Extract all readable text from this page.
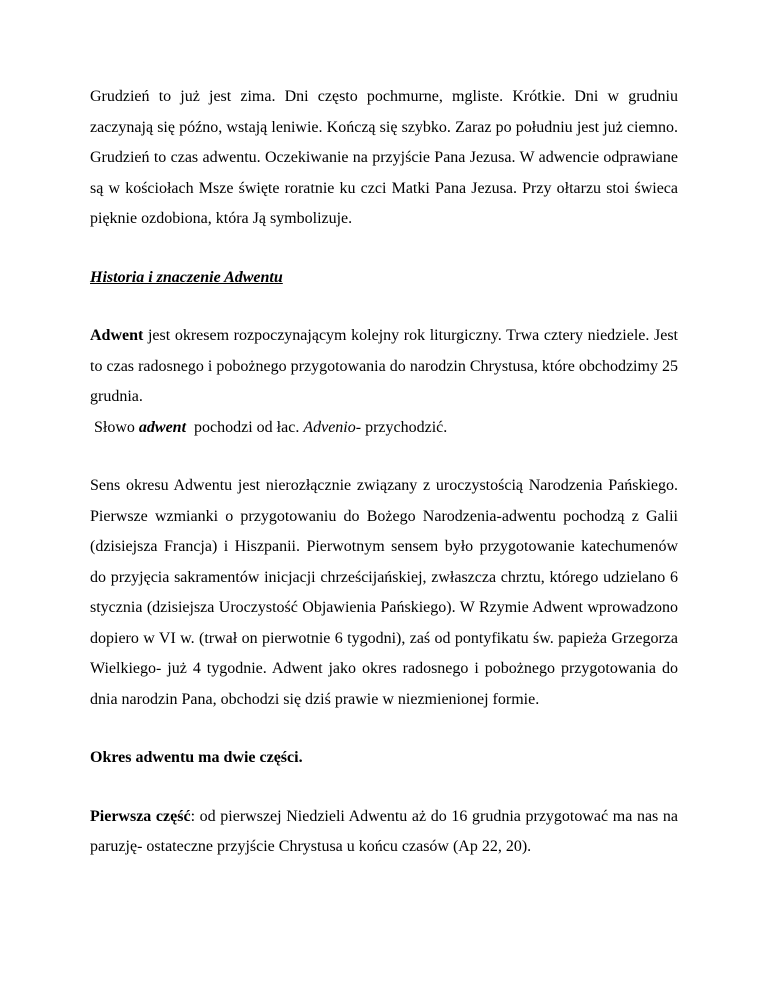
Grudzień to już jest zima. Dni często pochmurne, mgliste. Krótkie. Dni w grudniu zaczynają się późno, wstają leniwie. Kończą się szybko. Zaraz po południu jest już ciemno. Grudzień to czas adwentu. Oczekiwanie na przyjście Pana Jezusa. W adwencie odprawiane są w kościołach Msze święte roratnie ku czci Matki Pana Jezusa. Przy ołtarzu stoi świeca pięknie ozdobiona, która Ją symbolizuje.

Historia i znaczenie Adwentu

Adwent jest okresem rozpoczynającym kolejny rok liturgiczny. Trwa cztery niedziele. Jest to czas radosnego i pobożnego przygotowania do narodzin Chrystusa, które obchodzimy 25 grudnia.

Słowo adwent  pochodzi od łac. Advenio- przychodzić.

Sens okresu Adwentu jest nierozłącznie związany z uroczystością Narodzenia Pańskiego. Pierwsze wzmianki o przygotowaniu do Bożego Narodzenia-adwentu pochodzą z Galii (dzisiejsza Francja) i Hiszpanii. Pierwotnym sensem było przygotowanie katechumenów do przyjęcia sakramentów inicjacji chrześcijańskiej, zwłaszcza chrztu, którego udzielano 6 stycznia (dzisiejsza Uroczystość Objawienia Pańskiego). W Rzymie Adwent wprowadzono dopiero w VI w. (trwał on pierwotnie 6 tygodni), zaś od pontyfikatu św. papieża Grzegorza Wielkiego- już 4 tygodnie. Adwent jako okres radosnego i pobożnego przygotowania do dnia narodzin Pana, obchodzi się dziś prawie w niezmienionej formie.

Okres adwentu ma dwie części.

Pierwsza część: od pierwszej Niedzieli Adwentu aż do 16 grudnia przygotować ma nas na paruzję- ostateczne przyjście Chrystusa u końcu czasów (Ap 22, 20).
